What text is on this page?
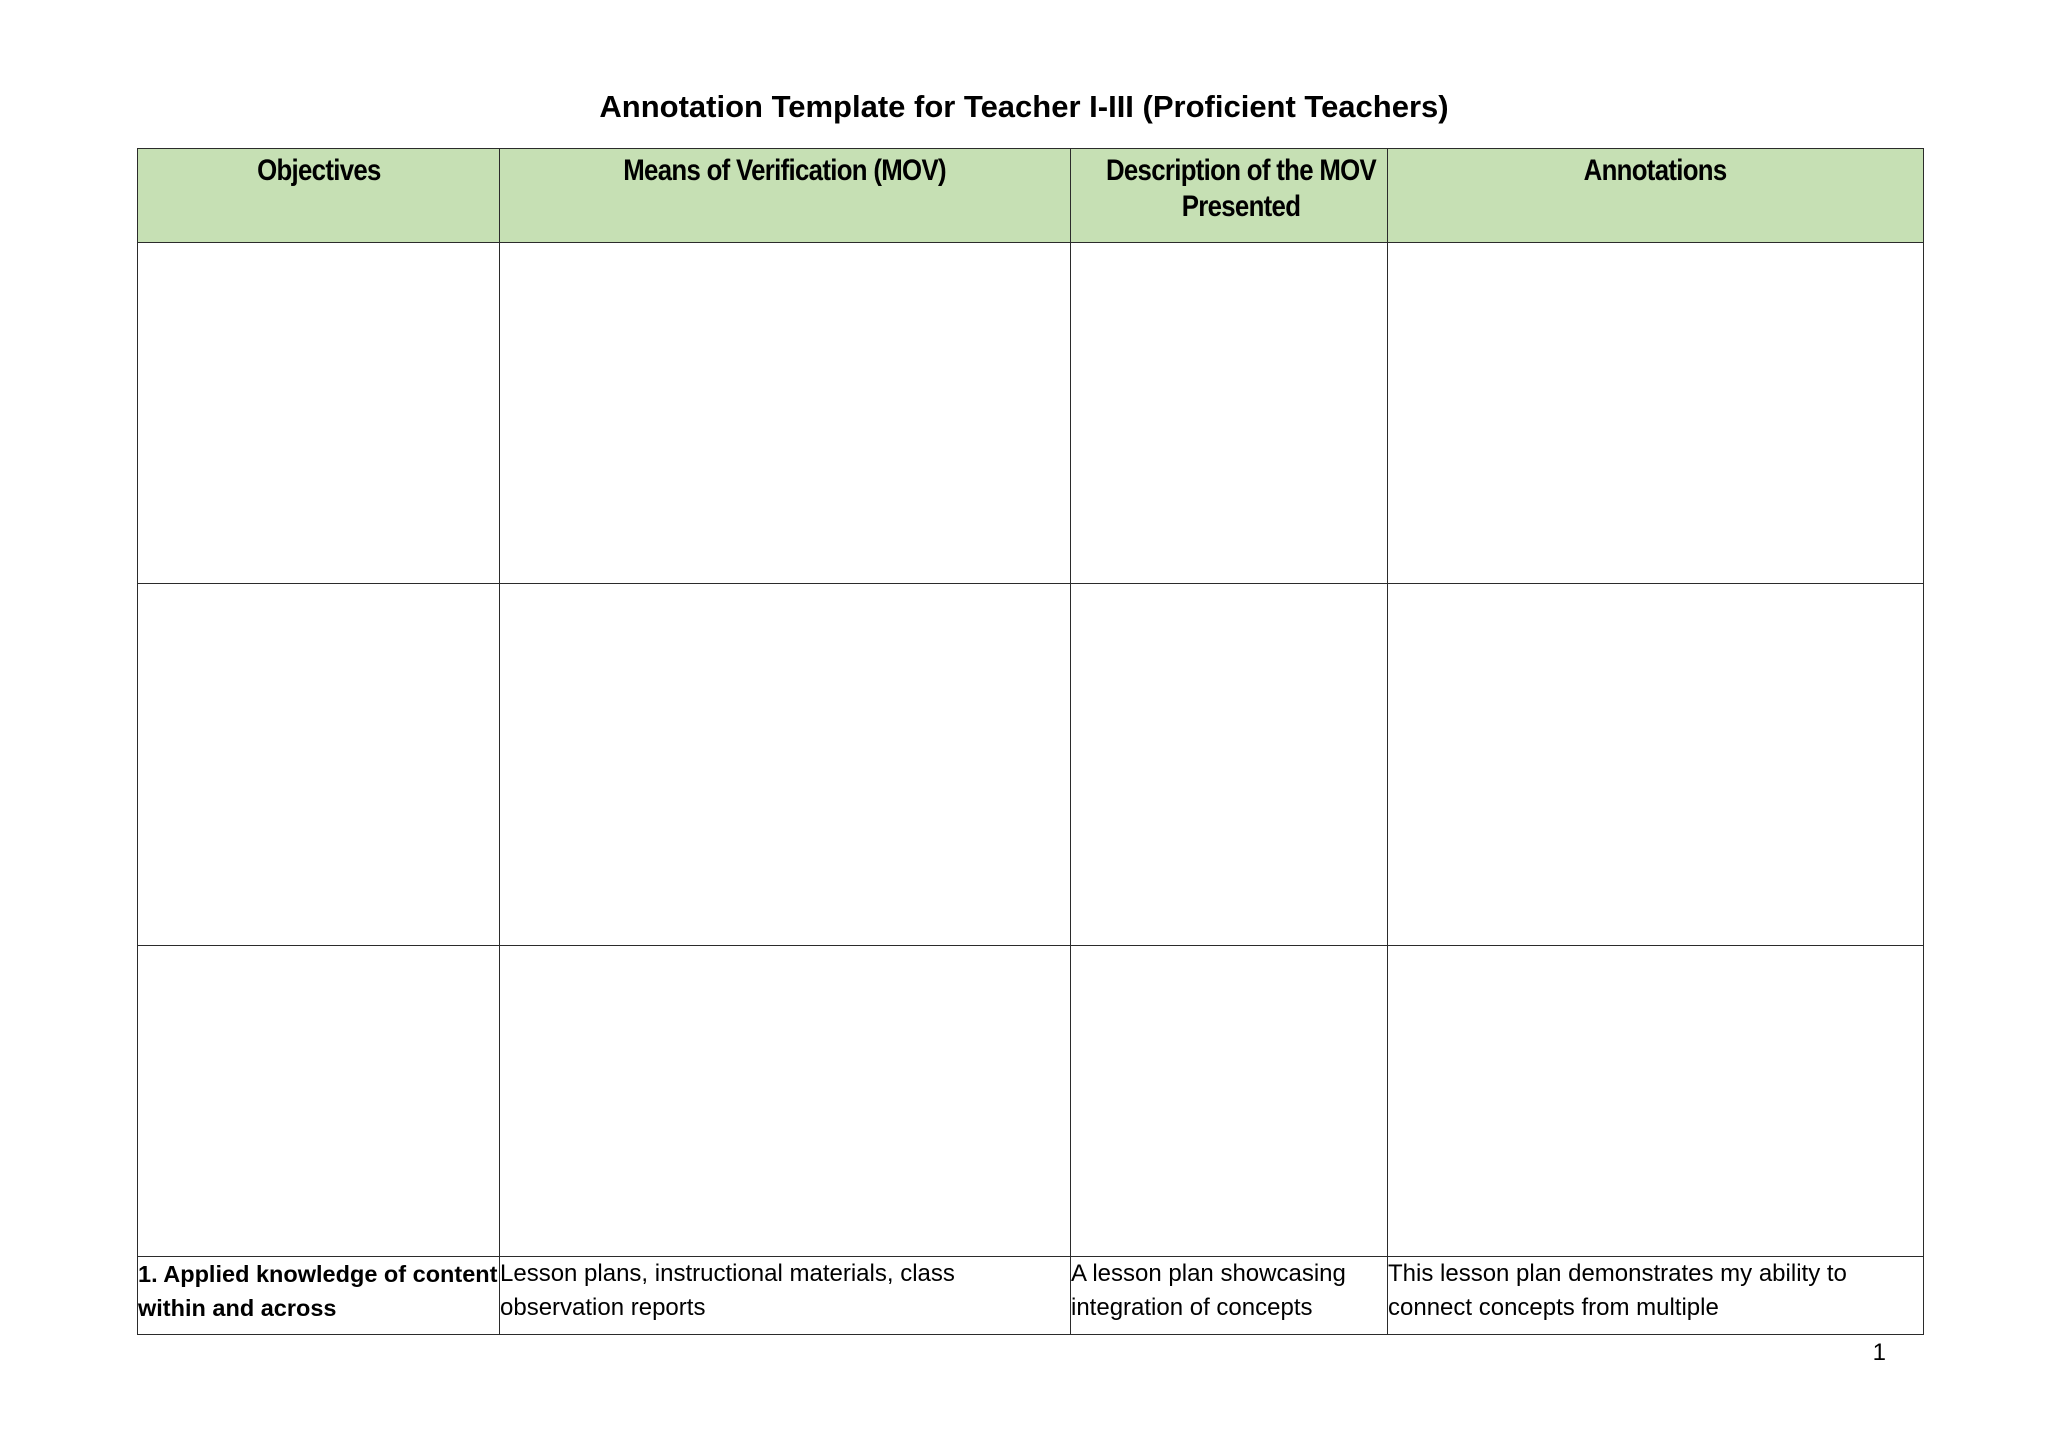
Annotation Template for Teacher I-III (Proficient Teachers)
Objectives	Means of Verification (MOV)	Description of the MOV Presented	Annotations

1. Applied knowledge of content within and across	Lesson plans, instructional materials, class observation reports	A lesson plan showcasing integration of concepts	This lesson plan demonstrates my ability to connect concepts from multiple
1
